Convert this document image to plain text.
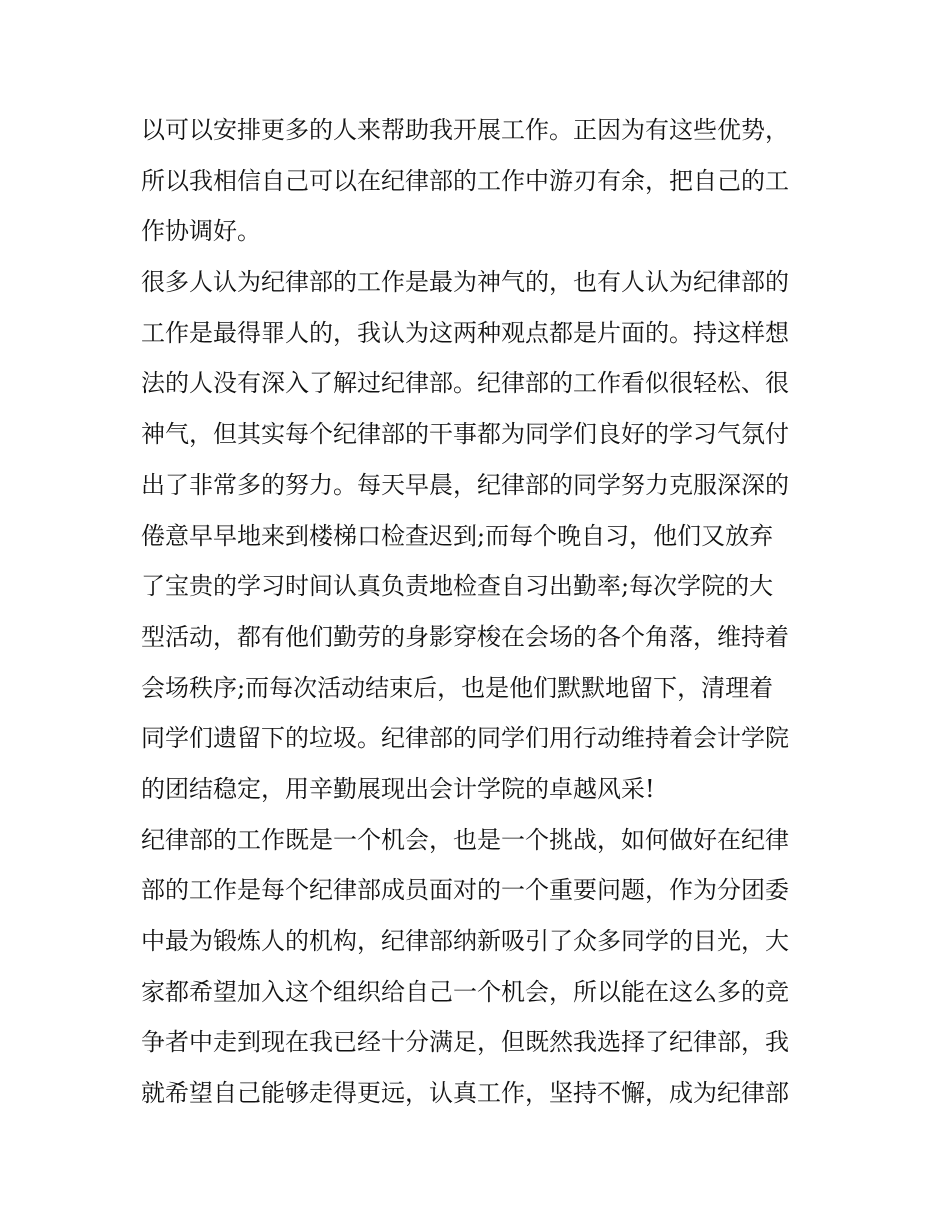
以可以安排更多的人来帮助我开展工作。正因为有这些优势，
所以我相信自己可以在纪律部的工作中游刃有余，把自己的工
作协调好。
很多人认为纪律部的工作是最为神气的，也有人认为纪律部的
工作是最得罪人的，我认为这两种观点都是片面的。持这样想
法的人没有深入了解过纪律部。纪律部的工作看似很轻松、很
神气，但其实每个纪律部的干事都为同学们良好的学习气氛付
出了非常多的努力。每天早晨，纪律部的同学努力克服深深的
倦意早早地来到楼梯口检查迟到;而每个晚自习，他们又放弃
了宝贵的学习时间认真负责地检查自习出勤率;每次学院的大
型活动，都有他们勤劳的身影穿梭在会场的各个角落，维持着
会场秩序;而每次活动结束后，也是他们默默地留下，清理着
同学们遗留下的垃圾。纪律部的同学们用行动维持着会计学院
的团结稳定，用辛勤展现出会计学院的卓越风采!
纪律部的工作既是一个机会，也是一个挑战，如何做好在纪律
部的工作是每个纪律部成员面对的一个重要问题，作为分团委
中最为锻炼人的机构，纪律部纳新吸引了众多同学的目光，大
家都希望加入这个组织给自己一个机会，所以能在这么多的竞
争者中走到现在我已经十分满足，但既然我选择了纪律部，我
就希望自己能够走得更远，认真工作，坚持不懈，成为纪律部
